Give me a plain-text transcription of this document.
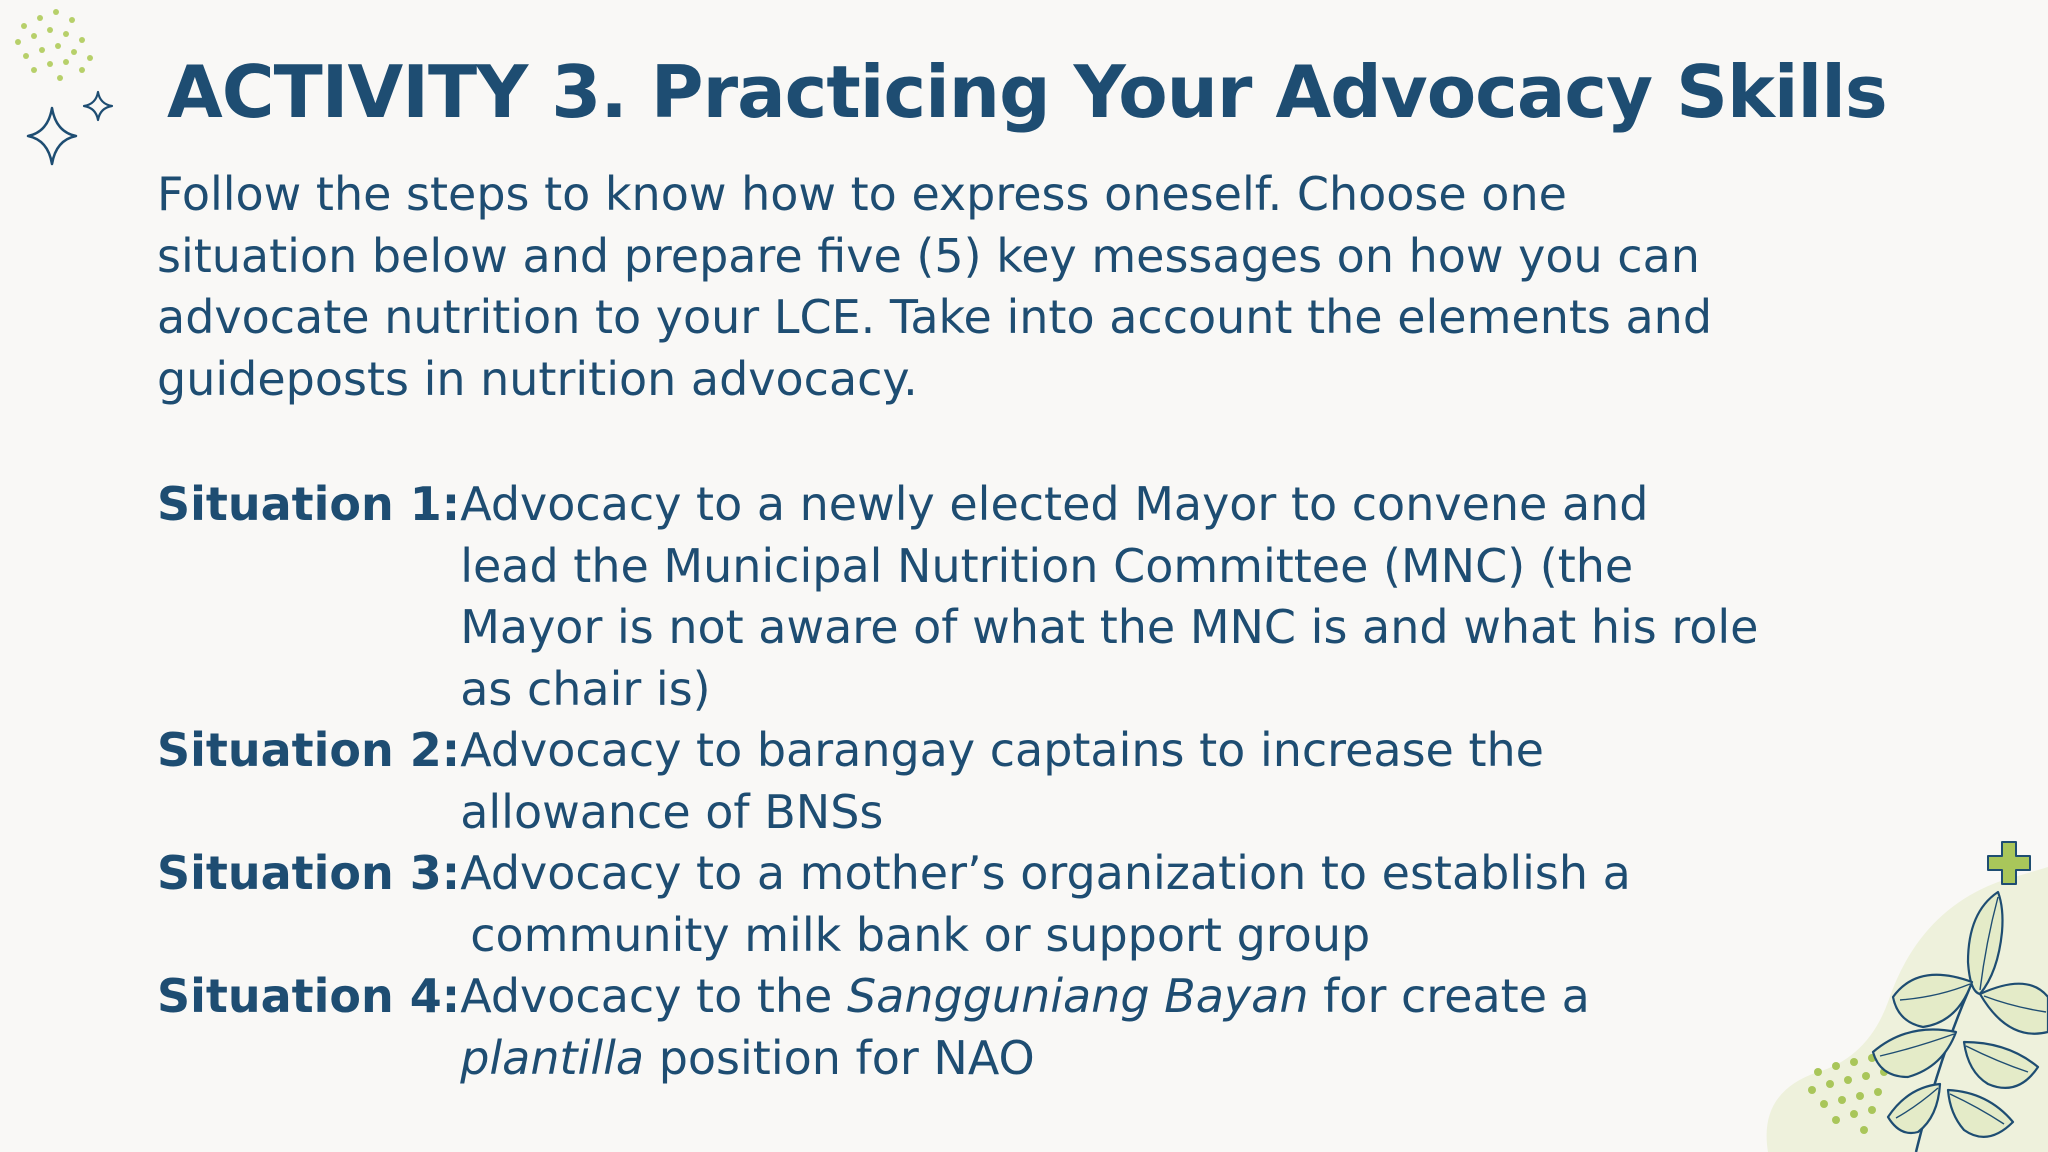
ACTIVITY 3. Practicing Your Advocacy Skills

Follow the steps to know how to express oneself. Choose one
situation below and prepare five (5) key messages on how you can
advocate nutrition to your LCE. Take into account the elements and
guideposts in nutrition advocacy.

Situation 1: Advocacy to a newly elected Mayor to convene and
lead the Municipal Nutrition Committee (MNC) (the
Mayor is not aware of what the MNC is and what his role
as chair is)
Situation 2: Advocacy to barangay captains to increase the
allowance of BNSs
Situation 3: Advocacy to a mother’s organization to establish a
community milk bank or support group
Situation 4: Advocacy to the Sangguniang Bayan for create a
plantilla position for NAO
